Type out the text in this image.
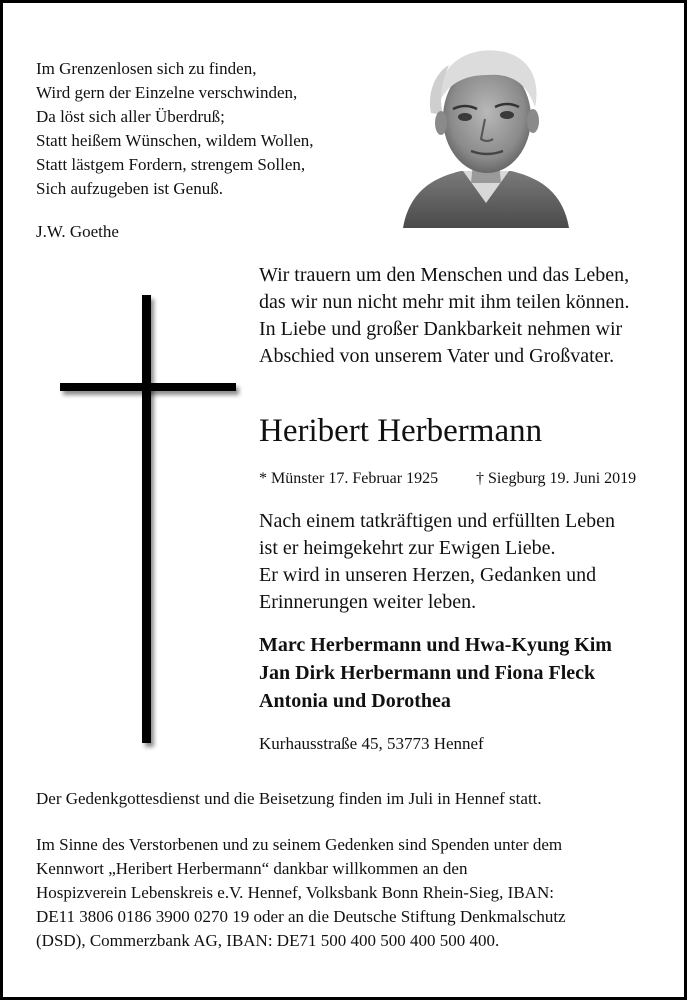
Im Grenzenlosen sich zu finden,
Wird gern der Einzelne verschwinden,
Da löst sich aller Überdruß;
Statt heißem Wünschen, wildem Wollen,
Statt lästgem Fordern, strengem Sollen,
Sich aufzugeben ist Genuß.
J.W. Goethe
Wir trauern um den Menschen und das Leben,
das wir nun nicht mehr mit ihm teilen können.
In Liebe und großer Dankbarkeit nehmen wir
Abschied von unserem Vater und Großvater.
Heribert Herbermann
* Münster 17. Februar 1925 † Siegburg 19. Juni 2019
Nach einem tatkräftigen und erfüllten Leben
ist er heimgekehrt zur Ewigen Liebe.
Er wird in unseren Herzen, Gedanken und
Erinnerungen weiter leben.
Marc Herbermann und Hwa-Kyung Kim
Jan Dirk Herbermann und Fiona Fleck
Antonia und Dorothea
Kurhausstraße 45, 53773 Hennef
Der Gedenkgottesdienst und die Beisetzung finden im Juli in Hennef statt.
Im Sinne des Verstorbenen und zu seinem Gedenken sind Spenden unter dem
Kennwort „Heribert Herbermann“ dankbar willkommen an den
Hospizverein Lebenskreis e.V. Hennef, Volksbank Bonn Rhein-Sieg, IBAN:
DE11 3806 0186 3900 0270 19 oder an die Deutsche Stiftung Denkmalschutz
(DSD), Commerzbank AG, IBAN: DE71 500 400 500 400 500 400.
